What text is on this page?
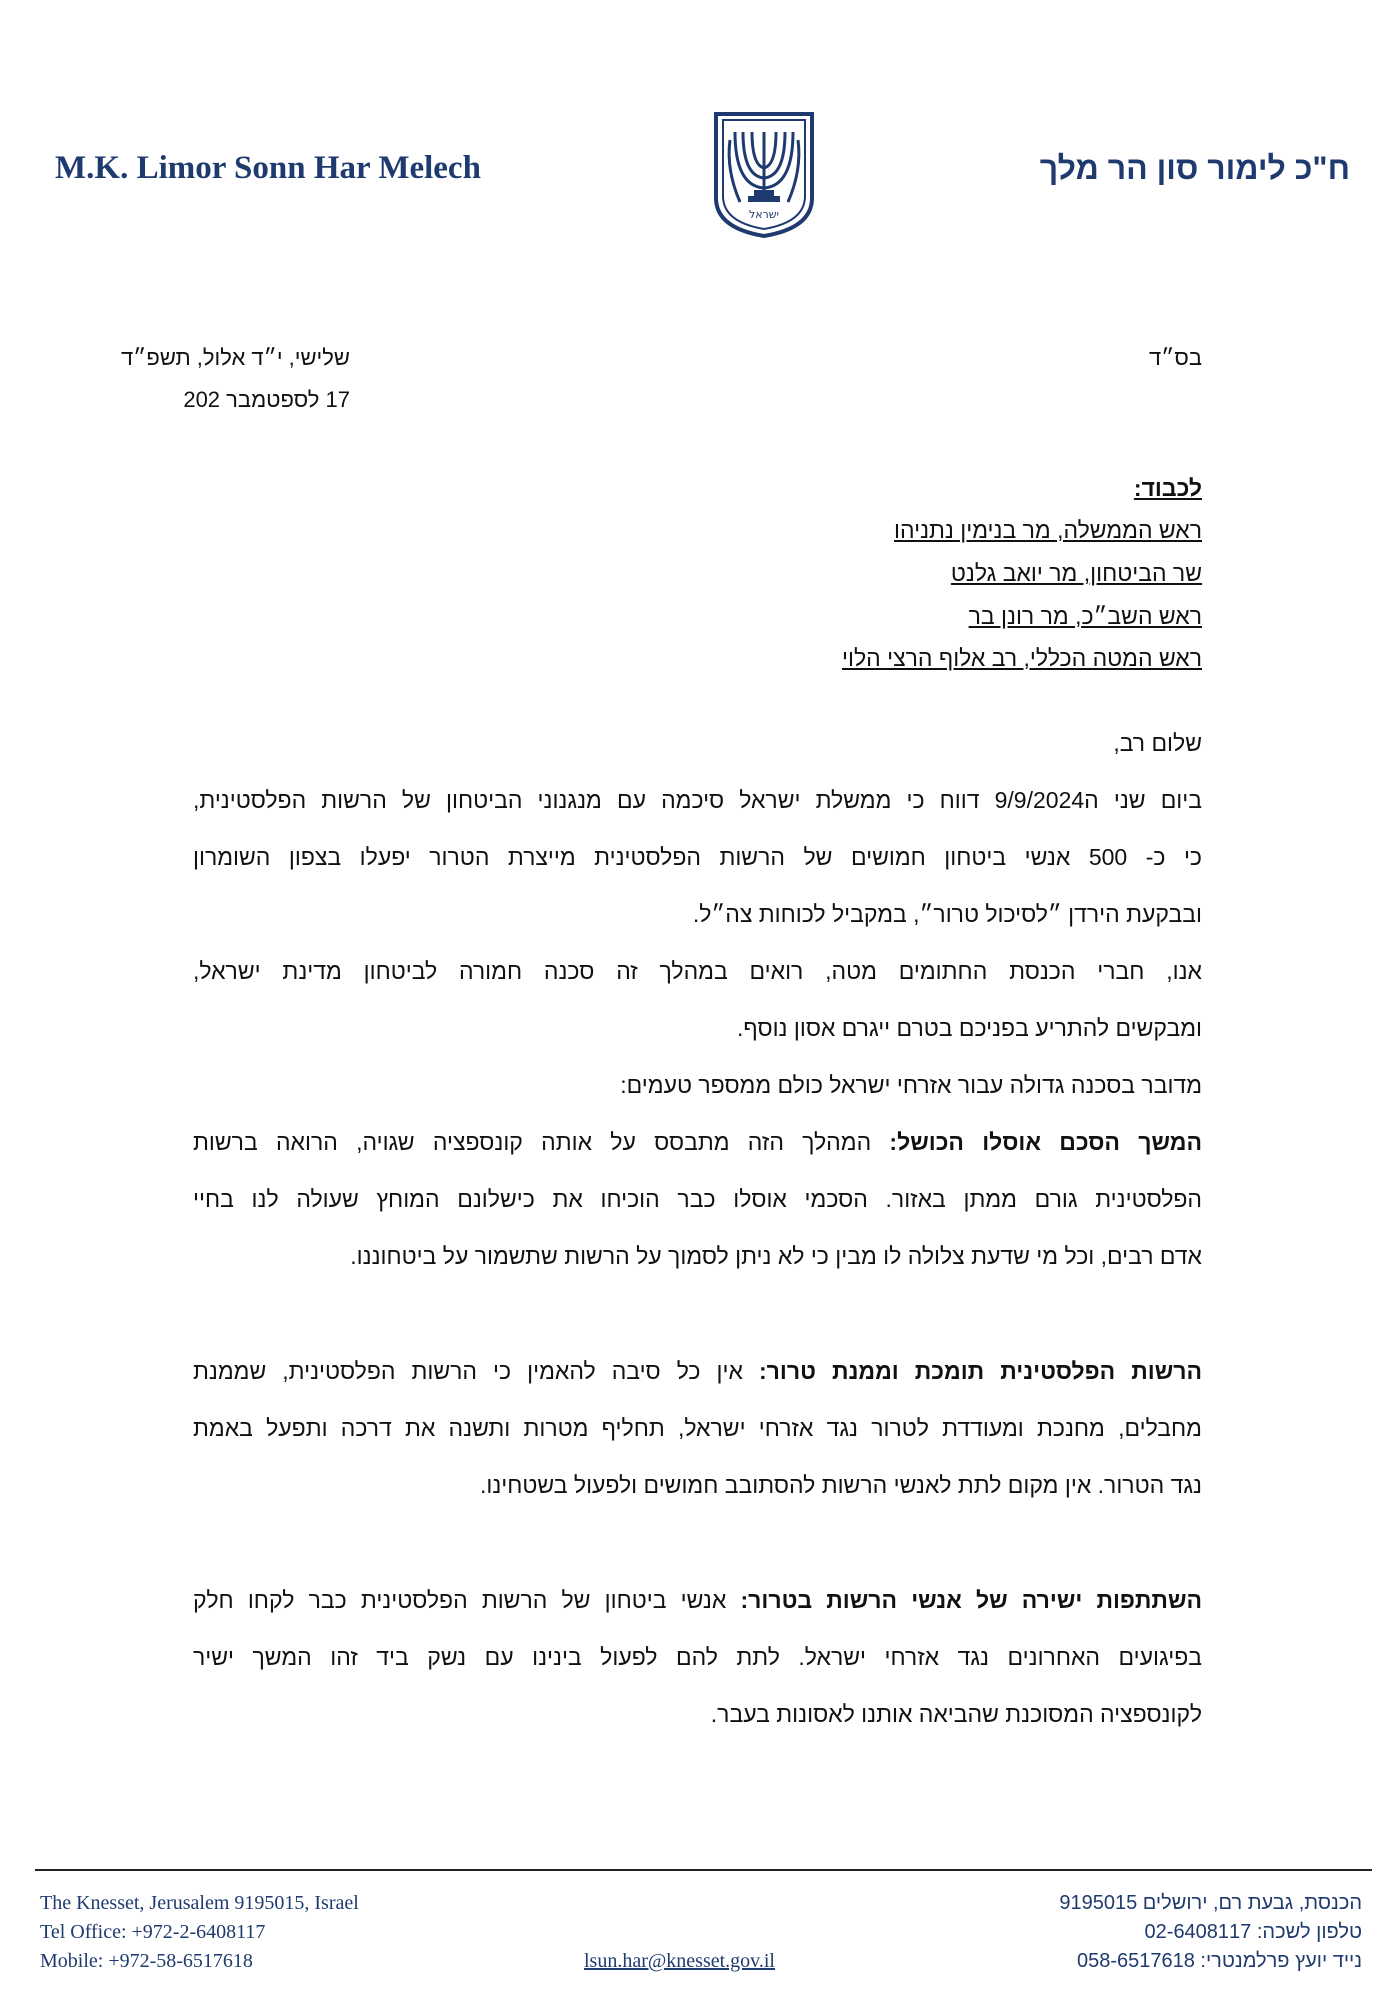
M.K. Limor Sonn Har Melech
ישראל
ח"כ לימור סון הר מלך
בס״ד
שלישי, י״ד אלול, תשפ״ד
17 לספטמבר 202
לכבוד:
ראש הממשלה, מר בנימין נתניהו
שר הביטחון, מר יואב גלנט
ראש השב״כ, מר רונן בר
ראש המטה הכללי, רב אלוף הרצי הלוי
שלום רב,
ביום שני ה9/9/2024 דווח כי ממשלת ישראל סיכמה עם מנגנוני הביטחון של הרשות הפלסטינית,
כי כ- 500 אנשי ביטחון חמושים של הרשות הפלסטינית מייצרת הטרור יפעלו בצפון השומרון
ובבקעת הירדן ״לסיכול טרור״, במקביל לכוחות צה״ל.
אנו, חברי הכנסת החתומים מטה, רואים במהלך זה סכנה חמורה לביטחון מדינת ישראל,
ומבקשים להתריע בפניכם בטרם ייגרם אסון נוסף.
מדובר בסכנה גדולה עבור אזרחי ישראל כולם ממספר טעמים:
המשך הסכם אוסלו הכושל: המהלך הזה מתבסס על אותה קונספציה שגויה, הרואה ברשות
הפלסטינית גורם ממתן באזור. הסכמי אוסלו כבר הוכיחו את כישלונם המוחץ שעולה לנו בחיי
אדם רבים, וכל מי שדעת צלולה לו מבין כי לא ניתן לסמוך על הרשות שתשמור על ביטחוננו.
הרשות הפלסטינית תומכת וממנת טרור: אין כל סיבה להאמין כי הרשות הפלסטינית, שממנת
מחבלים, מחנכת ומעודדת לטרור נגד אזרחי ישראל, תחליף מטרות ותשנה את דרכה ותפעל באמת
נגד הטרור. אין מקום לתת לאנשי הרשות להסתובב חמושים ולפעול בשטחינו.
השתתפות ישירה של אנשי הרשות בטרור: אנשי ביטחון של הרשות הפלסטינית כבר לקחו חלק
בפיגועים האחרונים נגד אזרחי ישראל. לתת להם לפעול בינינו עם נשק ביד זהו המשך ישיר
לקונספציה המסוכנת שהביאה אותנו לאסונות בעבר.
The Knesset, Jerusalem 9195015, Israel
Tel Office: +972-2-6408117
Mobile: +972-58-6517618	lsun.har@knesset.gov.il
הכנסת, גבעת רם, ירושלים 9195015
טלפון לשכה: 02-6408117
נייד יועץ פרלמנטרי: 058-6517618
